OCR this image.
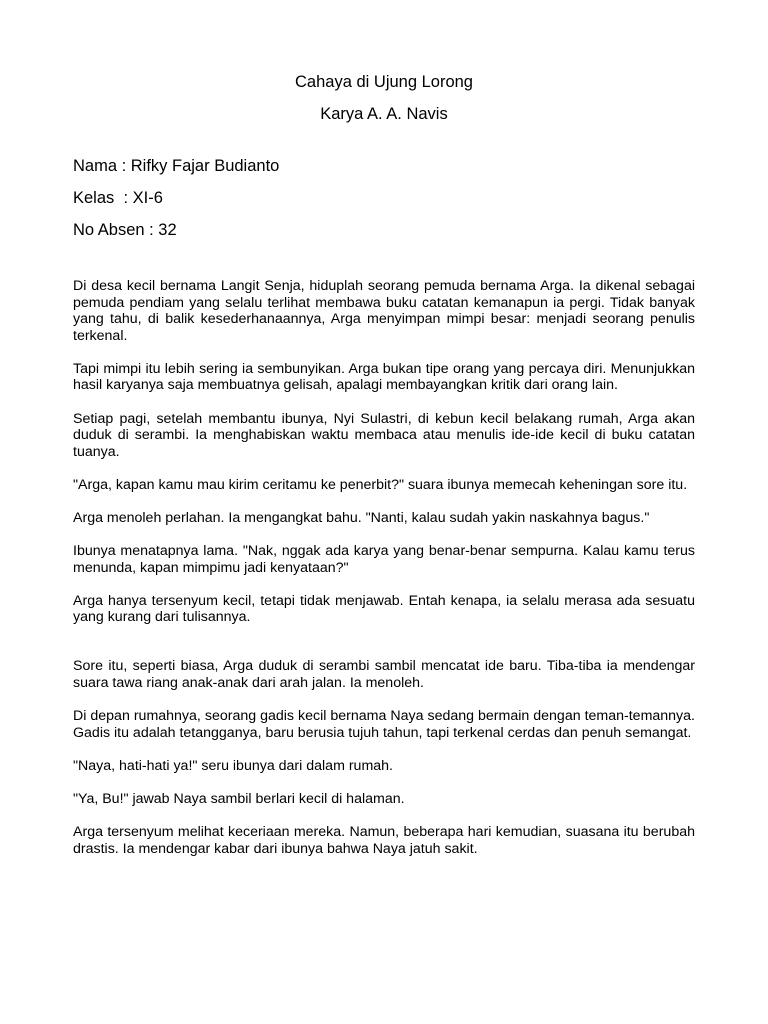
Cahaya di Ujung Lorong
Karya A. A. Navis
Nama : Rifky Fajar Budianto
Kelas  : XI-6
No Absen : 32

Di desa kecil bernama Langit Senja, hiduplah seorang pemuda bernama Arga. Ia dikenal sebagai pemuda pendiam yang selalu terlihat membawa buku catatan kemanapun ia pergi. Tidak banyak yang tahu, di balik kesederhanaannya, Arga menyimpan mimpi besar: menjadi seorang penulis terkenal.

Tapi mimpi itu lebih sering ia sembunyikan. Arga bukan tipe orang yang percaya diri. Menunjukkan hasil karyanya saja membuatnya gelisah, apalagi membayangkan kritik dari orang lain.

Setiap pagi, setelah membantu ibunya, Nyi Sulastri, di kebun kecil belakang rumah, Arga akan duduk di serambi. Ia menghabiskan waktu membaca atau menulis ide-ide kecil di buku catatan tuanya.

"Arga, kapan kamu mau kirim ceritamu ke penerbit?" suara ibunya memecah keheningan sore itu.

Arga menoleh perlahan. Ia mengangkat bahu. "Nanti, kalau sudah yakin naskahnya bagus."

Ibunya menatapnya lama. "Nak, nggak ada karya yang benar-benar sempurna. Kalau kamu terus menunda, kapan mimpimu jadi kenyataan?"

Arga hanya tersenyum kecil, tetapi tidak menjawab. Entah kenapa, ia selalu merasa ada sesuatu yang kurang dari tulisannya.

Sore itu, seperti biasa, Arga duduk di serambi sambil mencatat ide baru. Tiba-tiba ia mendengar suara tawa riang anak-anak dari arah jalan. Ia menoleh.

Di depan rumahnya, seorang gadis kecil bernama Naya sedang bermain dengan teman-temannya. Gadis itu adalah tetangganya, baru berusia tujuh tahun, tapi terkenal cerdas dan penuh semangat.

"Naya, hati-hati ya!" seru ibunya dari dalam rumah.

"Ya, Bu!" jawab Naya sambil berlari kecil di halaman.

Arga tersenyum melihat keceriaan mereka. Namun, beberapa hari kemudian, suasana itu berubah drastis. Ia mendengar kabar dari ibunya bahwa Naya jatuh sakit.
